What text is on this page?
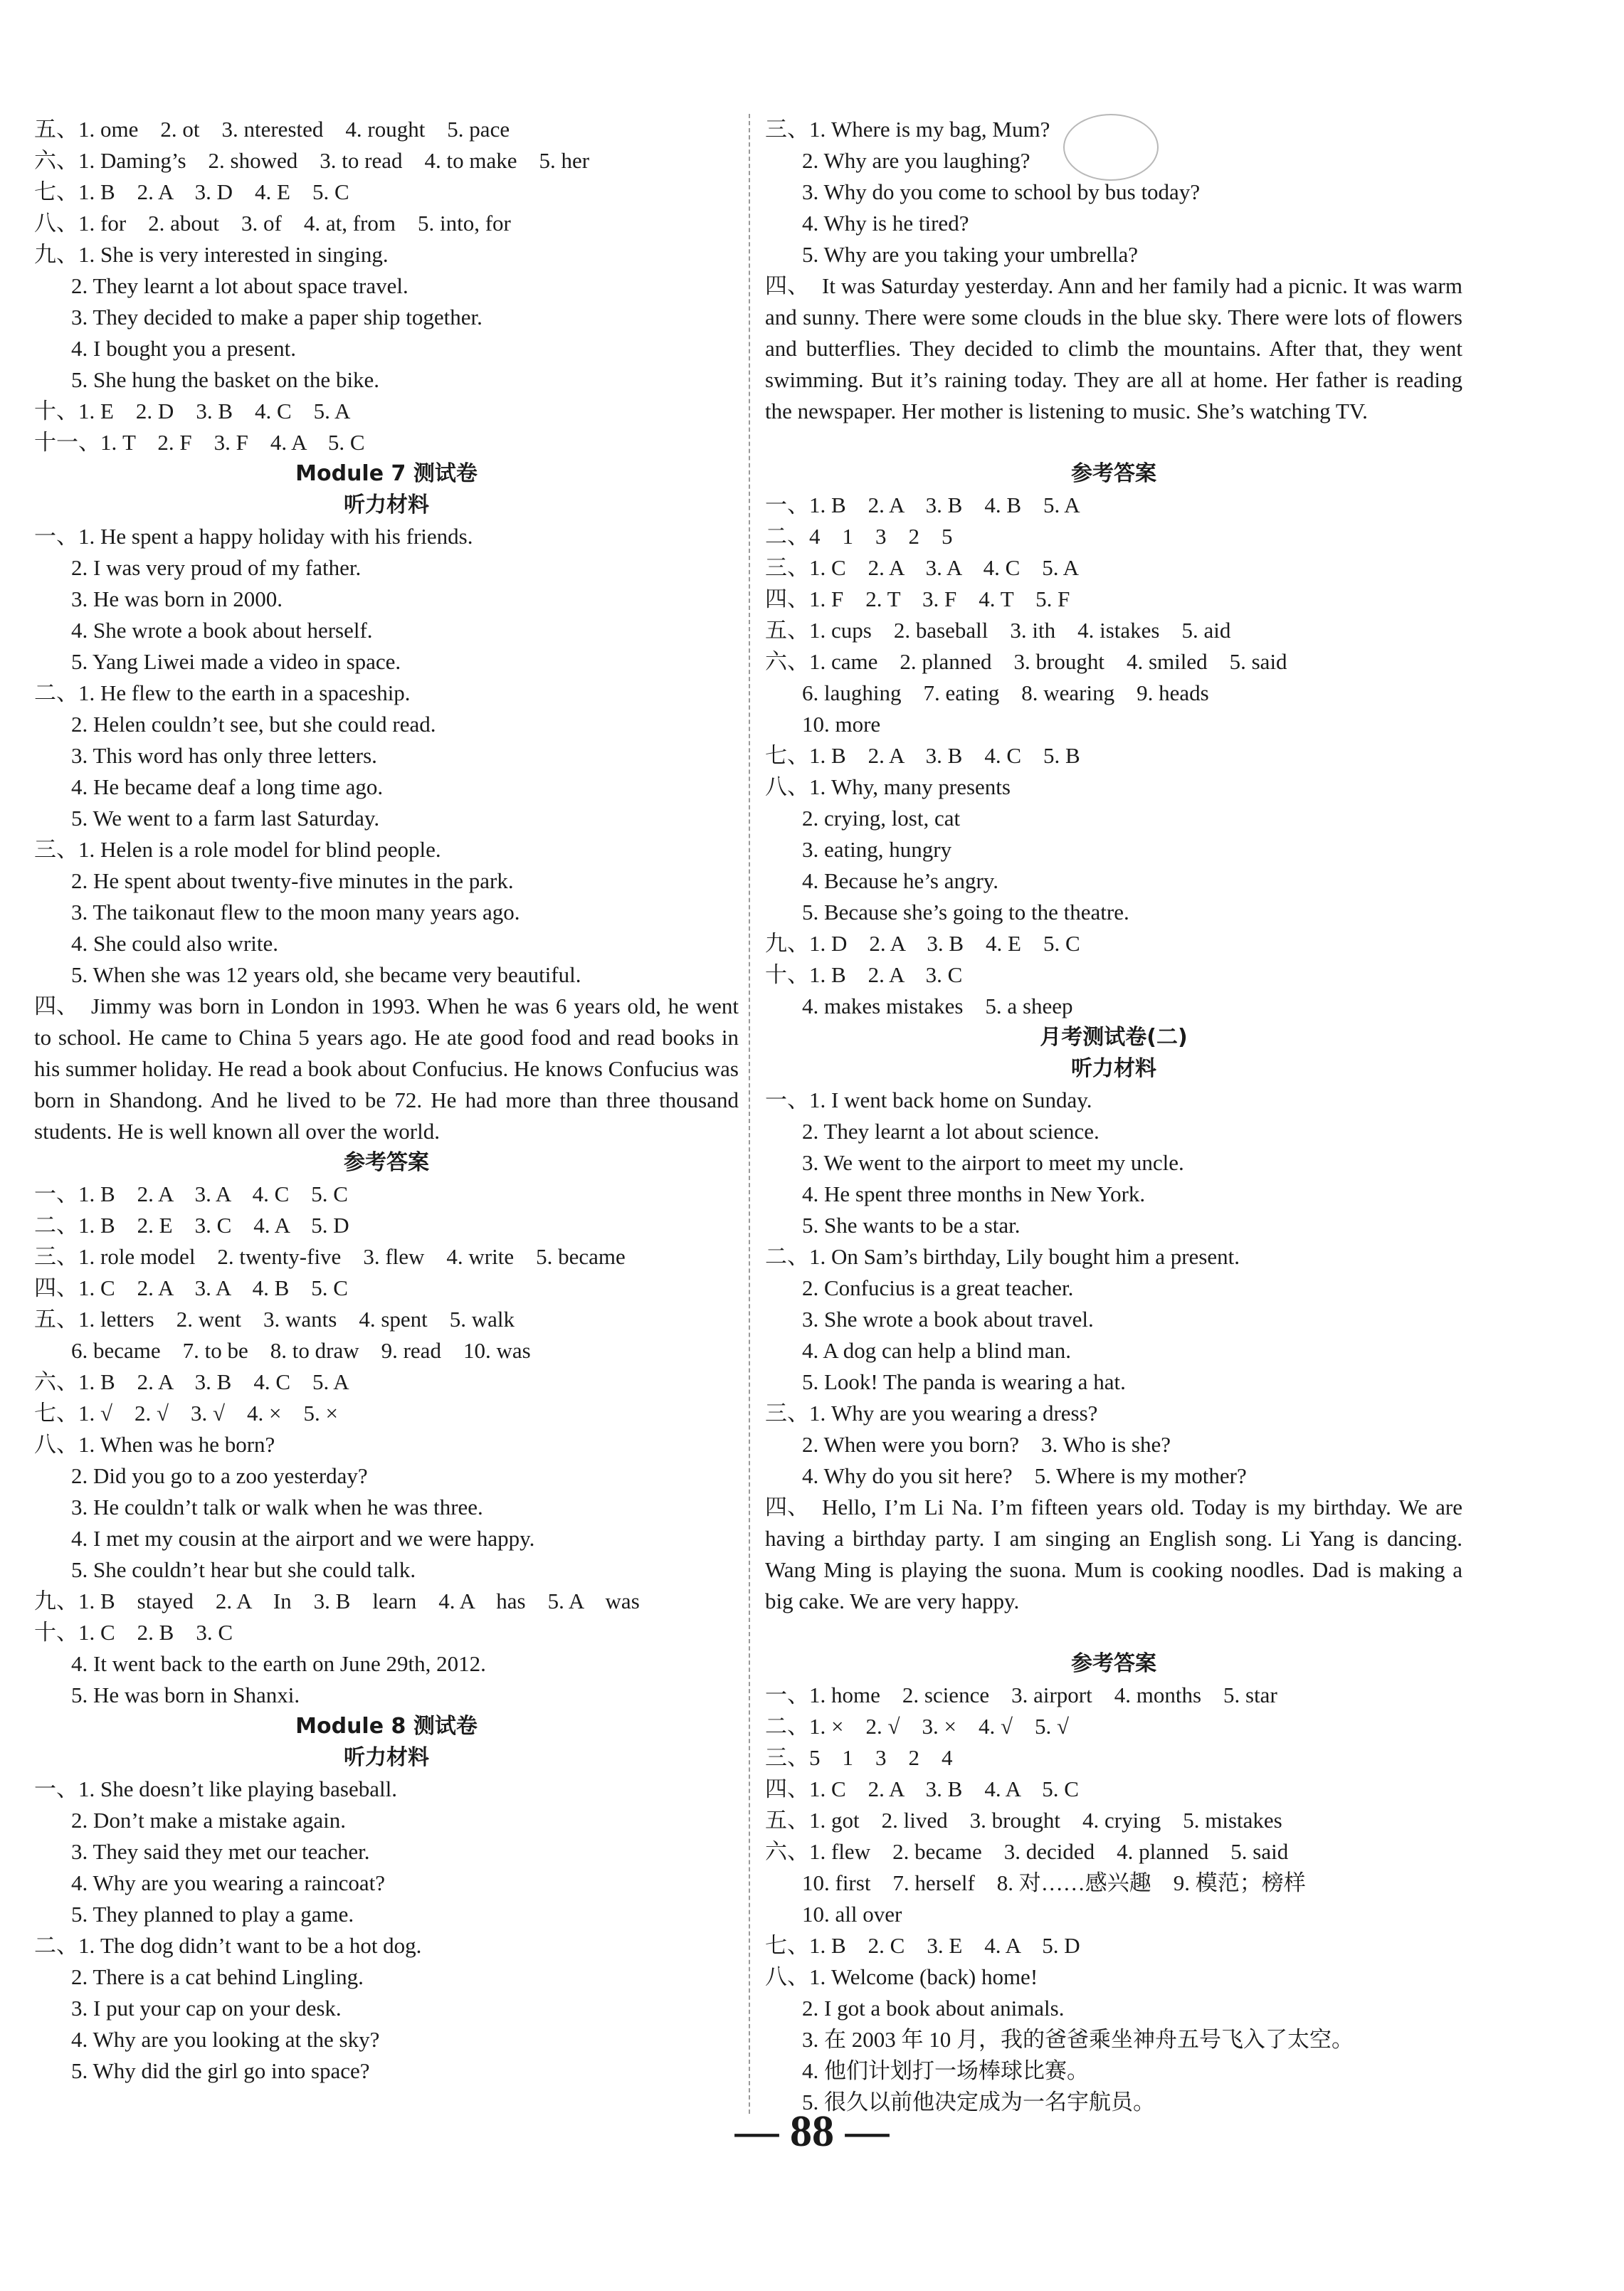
五、1. ome　2. ot　3. nterested　4. rought　5. pace
六、1. Daming’s　2. showed　3. to read　4. to make　5. her
七、1. B　2. A　3. D　4. E　5. C
八、1. for　2. about　3. of　4. at, from　5. into, for
九、1. She is very interested in singing.
2. They learnt a lot about space travel.
3. They decided to make a paper ship together.
4. I bought you a present.
5. She hung the basket on the bike.
十、1. E　2. D　3. B　4. C　5. A
十一、1. T　2. F　3. F　4. A　5. C
Module 7 测试卷
听力材料
一、1. He spent a happy holiday with his friends.
2. I was very proud of my father.
3. He was born in 2000.
4. She wrote a book about herself.
5. Yang Liwei made a video in space.
二、1. He flew to the earth in a spaceship.
2. Helen couldn’t see, but she could read.
3. This word has only three letters.
4. He became deaf a long time ago.
5. We went to a farm last Saturday.
三、1. Helen is a role model for blind people.
2. He spent about twenty-five minutes in the park.
3. The taikonaut flew to the moon many years ago.
4. She could also write.
5. When she was 12 years old, she became very beautiful.
四、 Jimmy was born in London in 1993. When he was 6 years old, he went to school. He came to China 5 years ago. He ate good food and read books in his summer holiday. He read a book about Confucius. He knows Confucius was born in Shandong. And he lived to be 72. He had more than three thousand students. He is well known all over the world.
参考答案
一、1. B　2. A　3. A　4. C　5. C
二、1. B　2. E　3. C　4. A　5. D
三、1. role model　2. twenty-five　3. flew　4. write　5. became
四、1. C　2. A　3. A　4. B　5. C
五、1. letters　2. went　3. wants　4. spent　5. walk
6. became　7. to be　8. to draw　9. read　10. was
六、1. B　2. A　3. B　4. C　5. A
七、1. √　2. √　3. √　4. ×　5. ×
八、1. When was he born?
2. Did you go to a zoo yesterday?
3. He couldn’t talk or walk when he was three.
4. I met my cousin at the airport and we were happy.
5. She couldn’t hear but she could talk.
九、1. B　stayed　2. A　In　3. B　learn　4. A　has　5. A　was
十、1. C　2. B　3. C
4. It went back to the earth on June 29th, 2012.
5. He was born in Shanxi.
Module 8 测试卷
听力材料
一、1. She doesn’t like playing baseball.
2. Don’t make a mistake again.
3. They said they met our teacher.
4. Why are you wearing a raincoat?
5. They planned to play a game.
二、1. The dog didn’t want to be a hot dog.
2. There is a cat behind Lingling.
3. I put your cap on your desk.
4. Why are you looking at the sky?
5. Why did the girl go into space?
三、1. Where is my bag, Mum?
2. Why are you laughing?
3. Why do you come to school by bus today?
4. Why is he tired?
5. Why are you taking your umbrella?
四、 It was Saturday yesterday. Ann and her family had a picnic. It was warm and sunny. There were some clouds in the blue sky. There were lots of flowers and butterflies. They decided to climb the mountains. After that, they went swimming. But it’s raining today. They are all at home. Her father is reading the newspaper. Her mother is listening to music. She’s watching TV.
参考答案
一、1. B　2. A　3. B　4. B　5. A
二、4　1　3　2　5
三、1. C　2. A　3. A　4. C　5. A
四、1. F　2. T　3. F　4. T　5. F
五、1. cups　2. baseball　3. ith　4. istakes　5. aid
六、1. came　2. planned　3. brought　4. smiled　5. said
6. laughing　7. eating　8. wearing　9. heads
10. more
七、1. B　2. A　3. B　4. C　5. B
八、1. Why, many presents
2. crying, lost, cat
3. eating, hungry
4. Because he’s angry.
5. Because she’s going to the theatre.
九、1. D　2. A　3. B　4. E　5. C
十、1. B　2. A　3. C
4. makes mistakes　5. a sheep
月考测试卷(二)
听力材料
一、1. I went back home on Sunday.
2. They learnt a lot about science.
3. We went to the airport to meet my uncle.
4. He spent three months in New York.
5. She wants to be a star.
二、1. On Sam’s birthday, Lily bought him a present.
2. Confucius is a great teacher.
3. She wrote a book about travel.
4. A dog can help a blind man.
5. Look! The panda is wearing a hat.
三、1. Why are you wearing a dress?
2. When were you born?　3. Who is she?
4. Why do you sit here?　5. Where is my mother?
四、 Hello, I’m Li Na. I’m fifteen years old. Today is my birthday. We are having a birthday party. I am singing an English song. Li Yang is dancing. Wang Ming is playing the suona. Mum is cooking noodles. Dad is making a big cake. We are very happy.
参考答案
一、1. home　2. science　3. airport　4. months　5. star
二、1. ×　2. √　3. ×　4. √　5. √
三、5　1　3　2　4
四、1. C　2. A　3. B　4. A　5. C
五、1. got　2. lived　3. brought　4. crying　5. mistakes
六、1. flew　2. became　3. decided　4. planned　5. said
10. first　7. herself　8. 对……感兴趣　9. 模范；榜样
10. all over
七、1. B　2. C　3. E　4. A　5. D
八、1. Welcome (back) home!
2. I got a book about animals.
3. 在 2003 年 10 月，我的爸爸乘坐神舟五号飞入了太空。
4. 他们计划打一场棒球比赛。
5. 很久以前他决定成为一名宇航员。
— 88 —
